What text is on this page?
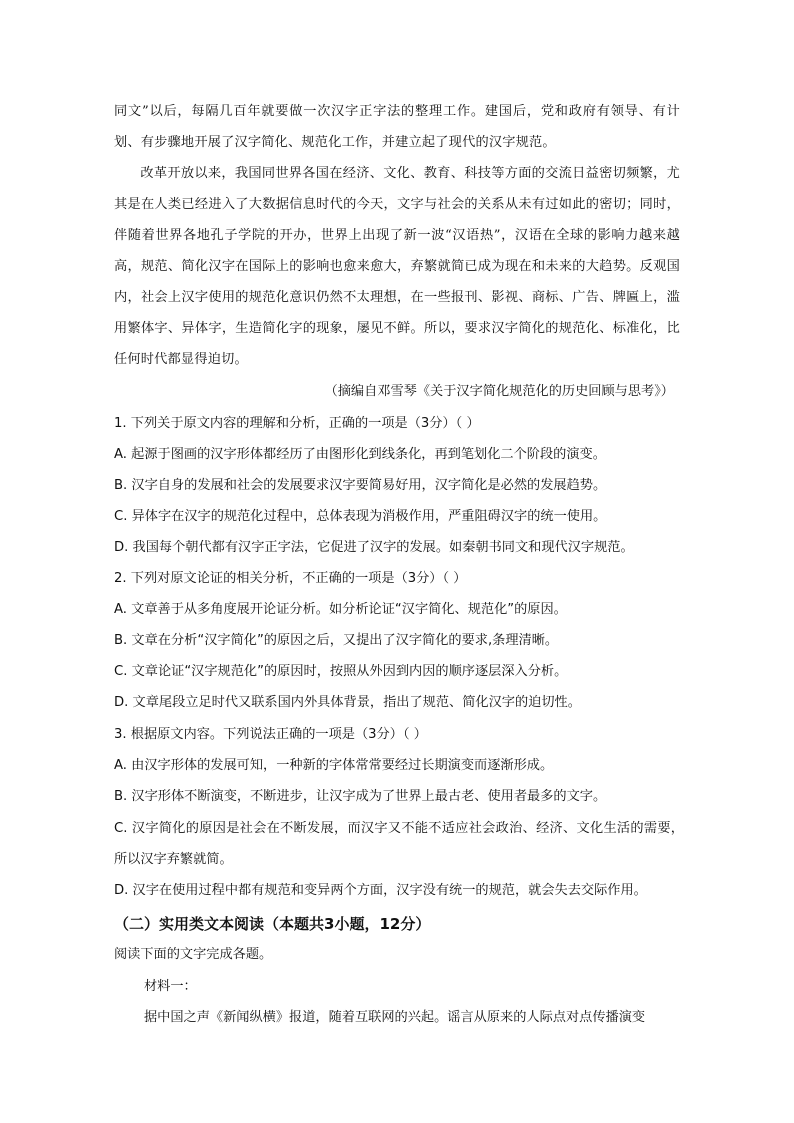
同文”以后，每隔几百年就要做一次汉字正字法的整理工作。建国后，党和政府有领导、有计划、有步骤地开展了汉字简化、规范化工作，并建立起了现代的汉字规范。

改革开放以来，我国同世界各国在经济、文化、教育、科技等方面的交流日益密切频繁，尤其是在人类已经进入了大数据信息时代的今天，文字与社会的关系从未有过如此的密切；同时，伴随着世界各地孔子学院的开办，世界上出现了新一波“汉语热”，汉语在全球的影响力越来越高，规范、简化汉字在国际上的影响也愈来愈大，弃繁就简已成为现在和未来的大趋势。反观国内，社会上汉字使用的规范化意识仍然不太理想，在一些报刊、影视、商标、广告、牌匾上，滥用繁体字、异体字，生造简化字的现象，屡见不鲜。所以，要求汉字简化的规范化、标准化，比任何时代都显得迫切。

（摘编自邓雪琴《关于汉字简化规范化的历史回顾与思考》）
1. 下列关于原文内容的理解和分析，正确的一项是（3分）（ ）
A. 起源于图画的汉字形体都经历了由图形化到线条化，再到笔划化二个阶段的演变。
B. 汉字自身的发展和社会的发展要求汉字要简易好用，汉字简化是必然的发展趋势。
C. 异体字在汉字的规范化过程中，总体表现为消极作用，严重阻碍汉字的统一使用。
D. 我国每个朝代都有汉字正字法，它促进了汉字的发展。如秦朝书同文和现代汉字规范。
2. 下列对原文论证的相关分析，不正确的一项是（3分）（ ）
A. 文章善于从多角度展开论证分析。如分析论证“汉字简化、规范化”的原因。
B. 文章在分析“汉字简化”的原因之后，又提出了汉字简化的要求,条理清晰。
C. 文章论证“汉字规范化”的原因时，按照从外因到内因的顺序逐层深入分析。
D. 文章尾段立足时代又联系国内外具体背景，指出了规范、简化汉字的迫切性。
3. 根据原文内容。下列说法正确的一项是（3分）（ ）
A. 由汉字形体的发展可知，一种新的字体常常要经过长期演变而逐渐形成。
B. 汉字形体不断演变，不断进步，让汉字成为了世界上最古老、使用者最多的文字。
C. 汉字简化的原因是社会在不断发展，而汉字又不能不适应社会政治、经济、文化生活的需要，所以汉字弃繁就简。
D. 汉字在使用过程中都有规范和变异两个方面，汉字没有统一的规范，就会失去交际作用。
（二）实用类文本阅读（本题共3小题，12分）
阅读下面的文字完成各题。
材料一：
据中国之声《新闻纵横》报道，随着互联网的兴起。谣言从原来的人际点对点传播演变
